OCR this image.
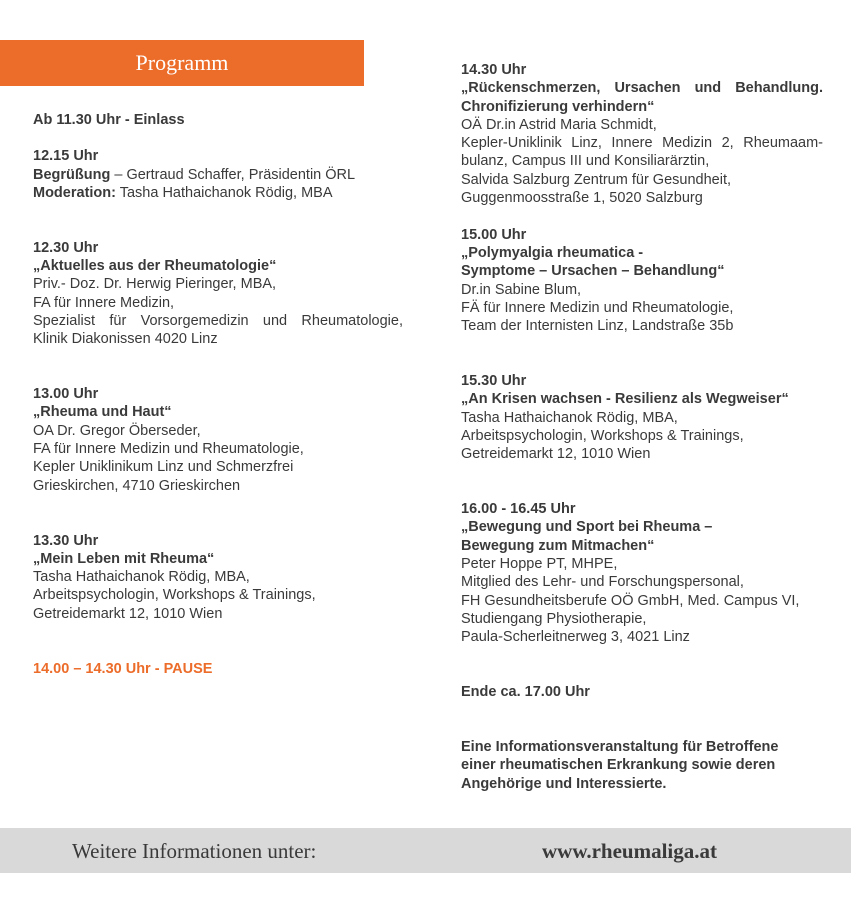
Programm
Ab 11.30 Uhr - Einlass
12.15 Uhr
Begrüßung – Gertraud Schaffer, Präsidentin ÖRL
Moderation: Tasha Hathaichanok Rödig, MBA
12.30 Uhr
„Aktuelles aus der Rheumatologie“
Priv.- Doz. Dr. Herwig Pieringer, MBA,
FA für Innere Medizin,
Spezialist für Vorsorgemedizin und Rheumatologie,
Klinik Diakonissen 4020 Linz
13.00 Uhr
„Rheuma und Haut“
OA Dr. Gregor Öberseder,
FA für Innere Medizin und Rheumatologie,
Kepler Uniklinikum Linz und Schmerzfrei
Grieskirchen, 4710 Grieskirchen
13.30 Uhr
„Mein Leben mit Rheuma“
Tasha Hathaichanok Rödig, MBA,
Arbeitspsychologin, Workshops & Trainings,
Getreidemarkt 12, 1010 Wien
14.00 – 14.30 Uhr - PAUSE
14.30 Uhr
„Rückenschmerzen, Ursachen und Behandlung.
Chronifizierung verhindern“
OÄ Dr.in Astrid Maria Schmidt,
Kepler-Uniklinik Linz, Innere Medizin 2, Rheumaam-
bulanz, Campus III und Konsiliarärztin,
Salvida Salzburg Zentrum für Gesundheit,
Guggenmoosstraße 1, 5020 Salzburg
15.00 Uhr
„Polymyalgia rheumatica -
Symptome – Ursachen – Behandlung“
Dr.in Sabine Blum,
FÄ für Innere Medizin und Rheumatologie,
Team der Internisten Linz, Landstraße 35b
15.30 Uhr
„An Krisen wachsen - Resilienz als Wegweiser“
Tasha Hathaichanok Rödig, MBA,
Arbeitspsychologin, Workshops & Trainings,
Getreidemarkt 12, 1010 Wien
16.00 - 16.45 Uhr
„Bewegung und Sport bei Rheuma –
Bewegung zum Mitmachen“
Peter Hoppe PT, MHPE,
Mitglied des Lehr- und Forschungspersonal,
FH Gesundheitsberufe OÖ GmbH, Med. Campus VI,
Studiengang Physiotherapie,
Paula-Scherleitnerweg 3, 4021 Linz
Ende ca. 17.00 Uhr
Eine Informationsveranstaltung für Betroffene
einer rheumatischen Erkrankung sowie deren
Angehörige und Interessierte.
Weitere Informationen unter:	www.rheumaliga.at
